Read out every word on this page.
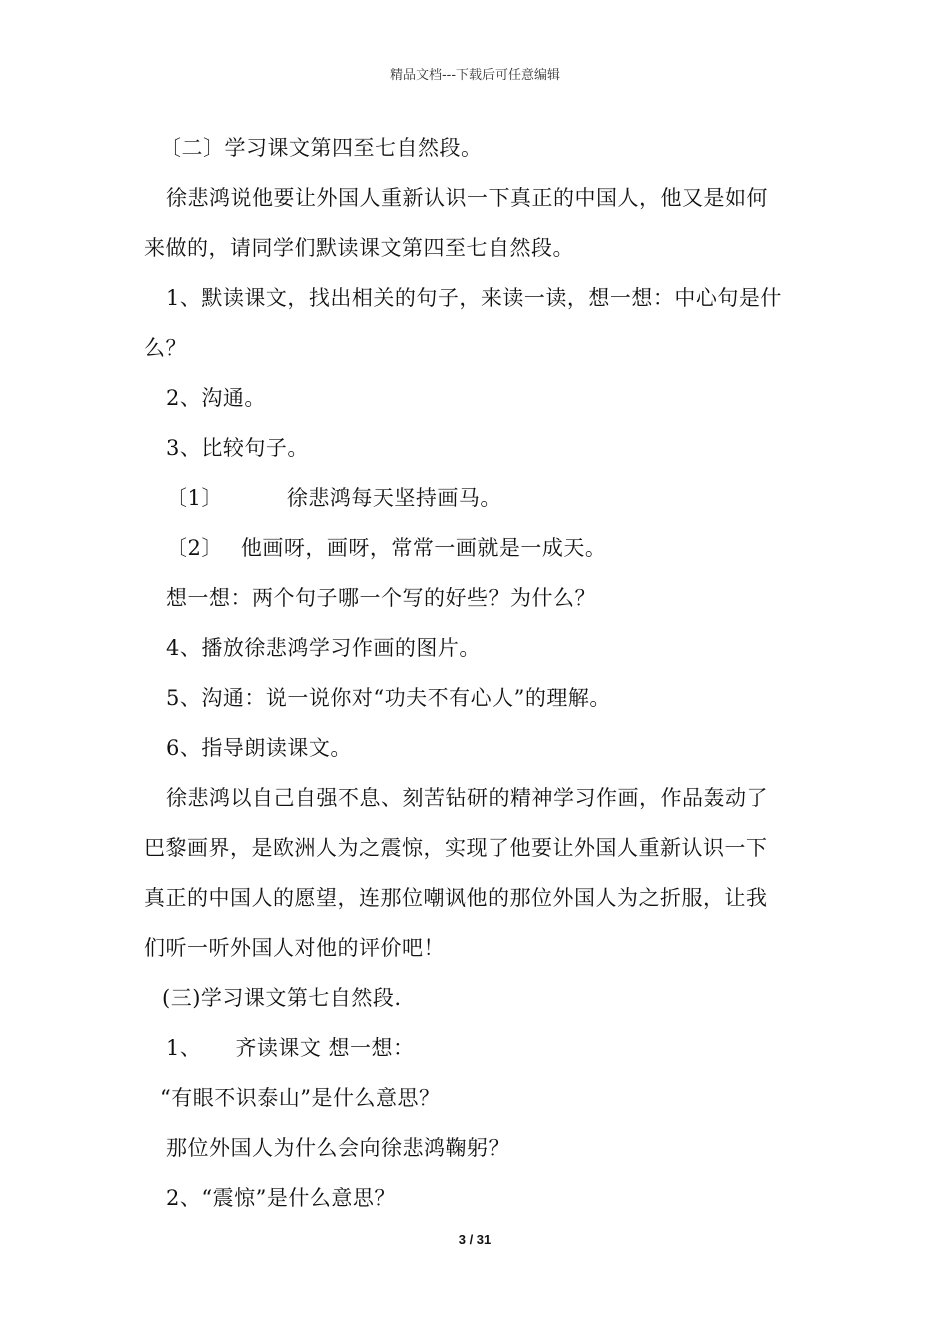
精品文档---下载后可任意编辑
〔二〕学习课文第四至七自然段。
徐悲鸿说他要让外国人重新认识一下真正的中国人，他又是如何
来做的，请同学们默读课文第四至七自然段。
1、默读课文，找出相关的句子，来读一读，想一想：中心句是什
么？
2、沟通。
3、比较句子。
〔1〕	徐悲鸿每天坚持画马。
〔2〕 他画呀，画呀，常常一画就是一成天。
想一想：两个句子哪一个写的好些？为什么？
4、播放徐悲鸿学习作画的图片。
5、沟通：说一说你对“功夫不有心人”的理解。
6、指导朗读课文。
徐悲鸿以自己自强不息、刻苦钻研的精神学习作画，作品轰动了
巴黎画界，是欧洲人为之震惊，实现了他要让外国人重新认识一下
真正的中国人的愿望，连那位嘲讽他的那位外国人为之折服，让我
们听一听外国人对他的评价吧！
(三)学习课文第七自然段.
1、 齐读课文 想一想：
“有眼不识泰山”是什么意思？
那位外国人为什么会向徐悲鸿鞠躬？
2、“震惊”是什么意思？
3 / 31
